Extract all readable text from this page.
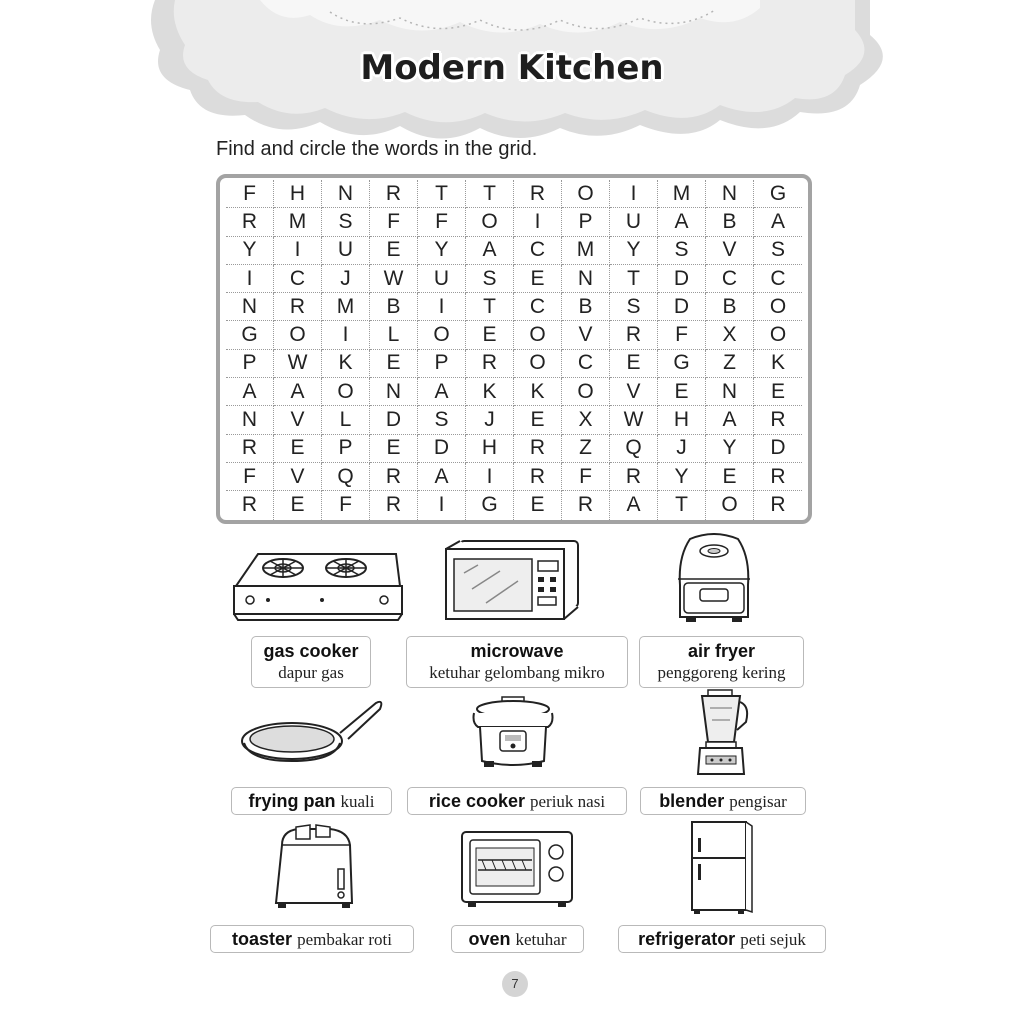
Modern Kitchen
Find and circle the words in the grid.
F	H	N	R	T	T	R	O	I	M	N	G
R	M	S	F	F	O	I	P	U	A	B	A
Y	I	U	E	Y	A	C	M	Y	S	V	S
I	C	J	W	U	S	E	N	T	D	C	C
N	R	M	B	I	T	C	B	S	D	B	O
G	O	I	L	O	E	O	V	R	F	X	O
P	W	K	E	P	R	O	C	E	G	Z	K
A	A	O	N	A	K	K	O	V	E	N	E
N	V	L	D	S	J	E	X	W	H	A	R
R	E	P	E	D	H	R	Z	Q	J	Y	D
F	V	Q	R	A	I	R	F	R	Y	E	R
R	E	F	R	I	G	E	R	A	T	O	R
gas cooker
dapur gas
microwave
ketuhar gelombang mikro
air fryer
penggoreng kering
frying pan kuali	rice cooker periuk nasi	blender pengisar
toaster pembakar roti	oven ketuhar	refrigerator peti sejuk
7
